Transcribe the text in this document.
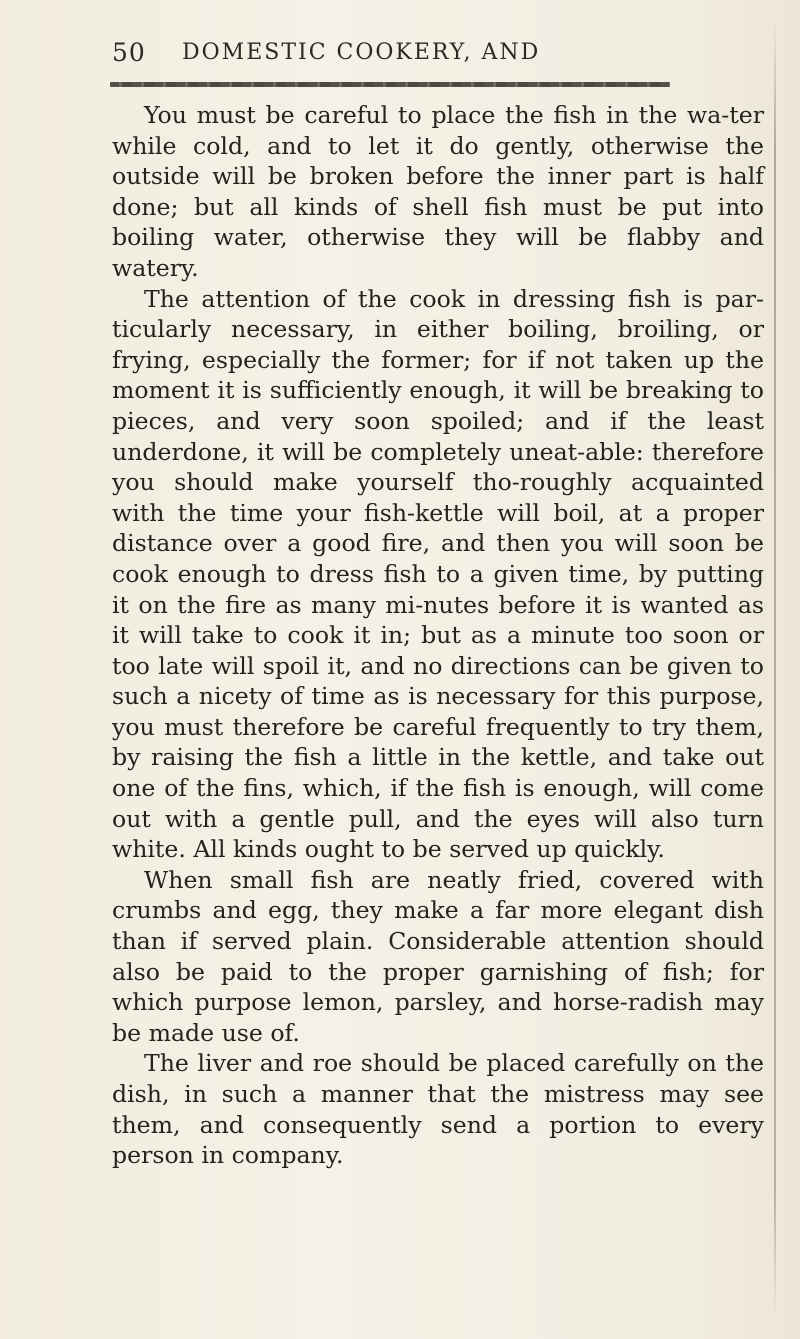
50 DOMESTIC COOKERY, AND

You must be careful to place the fish in the wa-ter while cold, and to let it do gently, otherwise the outside will be broken before the inner part is half done; but all kinds of shell fish must be put into boiling water, otherwise they will be flabby and watery.

The attention of the cook in dressing fish is par-ticularly necessary, in either boiling, broiling, or frying, especially the former; for if not taken up the moment it is sufficiently enough, it will be breaking to pieces, and very soon spoiled; and if the least underdone, it will be completely uneat-able: therefore you should make yourself tho-roughly acquainted with the time your fish-kettle will boil, at a proper distance over a good fire, and then you will soon be cook enough to dress fish to a given time, by putting it on the fire as many mi-nutes before it is wanted as it will take to cook it in; but as a minute too soon or too late will spoil it, and no directions can be given to such a nicety of time as is necessary for this purpose, you must therefore be careful frequently to try them, by raising the fish a little in the kettle, and take out one of the fins, which, if the fish is enough, will come out with a gentle pull, and the eyes will also turn white. All kinds ought to be served up quickly.

When small fish are neatly fried, covered with crumbs and egg, they make a far more elegant dish than if served plain. Considerable attention should also be paid to the proper garnishing of fish; for which purpose lemon, parsley, and horse-radish may be made use of.

The liver and roe should be placed carefully on the dish, in such a manner that the mistress may see them, and consequently send a portion to every person in company.
